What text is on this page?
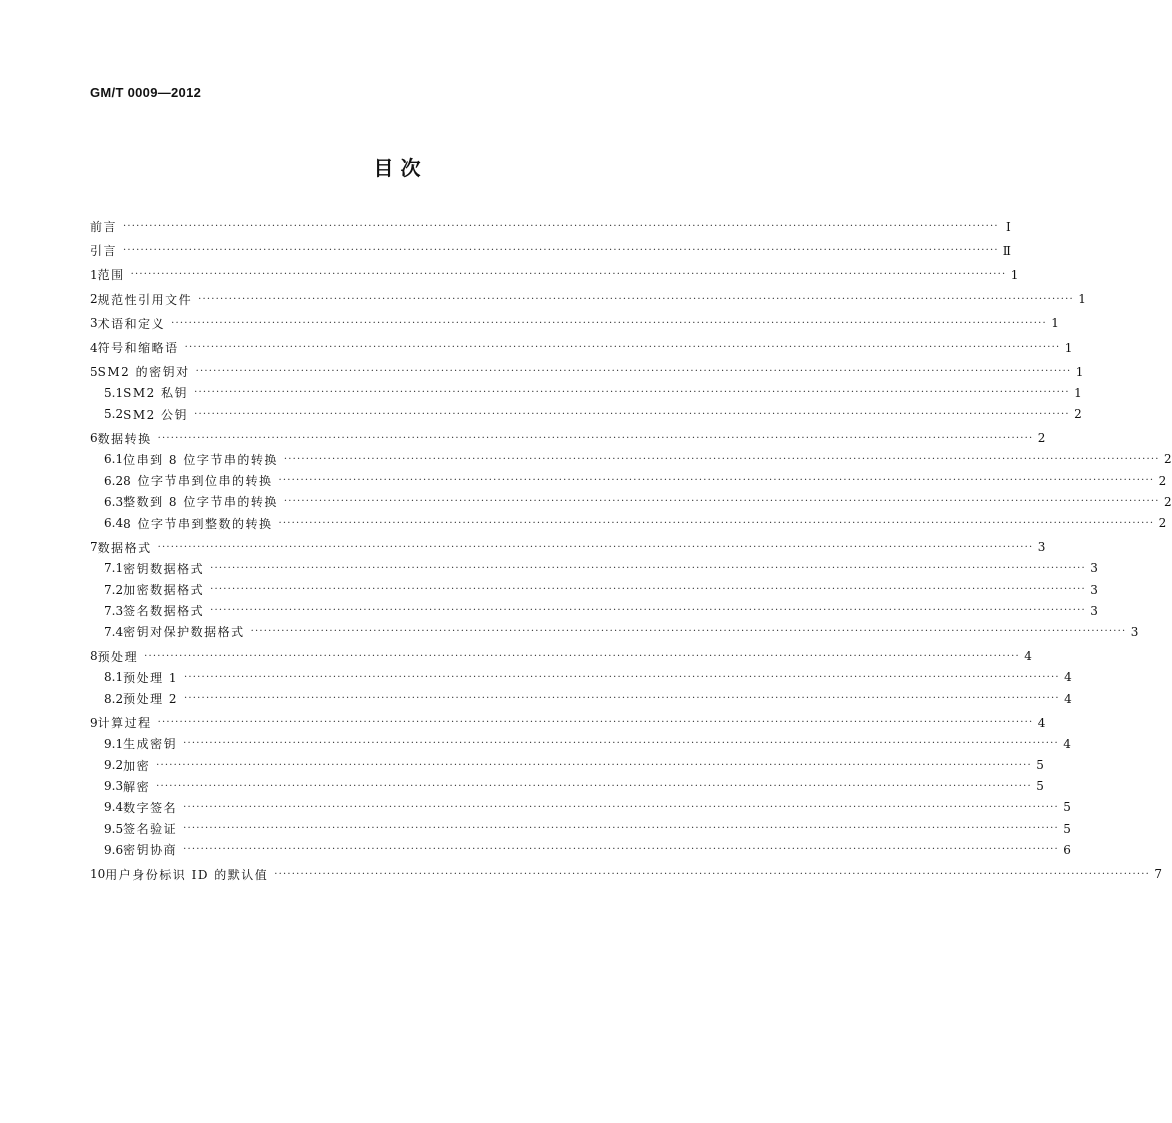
GM/T 0009—2012
目 次
前言 ········································································································································································································ Ⅰ
引言 ········································································································································································································ Ⅱ
1 范围 ········································································································································································································ 1
2 规范性引用文件 ········································································································································································································ 1
3 术语和定义 ········································································································································································································ 1
4 符号和缩略语 ········································································································································································································ 1
5 SM2 的密钥对 ········································································································································································································ 1
5.1 SM2 私钥 ········································································································································································································ 1
5.2 SM2 公钥 ········································································································································································································ 2
6 数据转换 ········································································································································································································ 2
6.1 位串到 8 位字节串的转换 ········································································································································································································ 2
6.2 8 位字节串到位串的转换 ········································································································································································································ 2
6.3 整数到 8 位字节串的转换 ········································································································································································································ 2
6.4 8 位字节串到整数的转换 ········································································································································································································ 2
7 数据格式 ········································································································································································································ 3
7.1 密钥数据格式 ········································································································································································································ 3
7.2 加密数据格式 ········································································································································································································ 3
7.3 签名数据格式 ········································································································································································································ 3
7.4 密钥对保护数据格式 ········································································································································································································ 3
8 预处理 ········································································································································································································ 4
8.1 预处理 1 ········································································································································································································ 4
8.2 预处理 2 ········································································································································································································ 4
9 计算过程 ········································································································································································································ 4
9.1 生成密钥 ········································································································································································································ 4
9.2 加密 ········································································································································································································ 5
9.3 解密 ········································································································································································································ 5
9.4 数字签名 ········································································································································································································ 5
9.5 签名验证 ········································································································································································································ 5
9.6 密钥协商 ········································································································································································································ 6
10 用户身份标识 ID 的默认值 ········································································································································································································ 7
